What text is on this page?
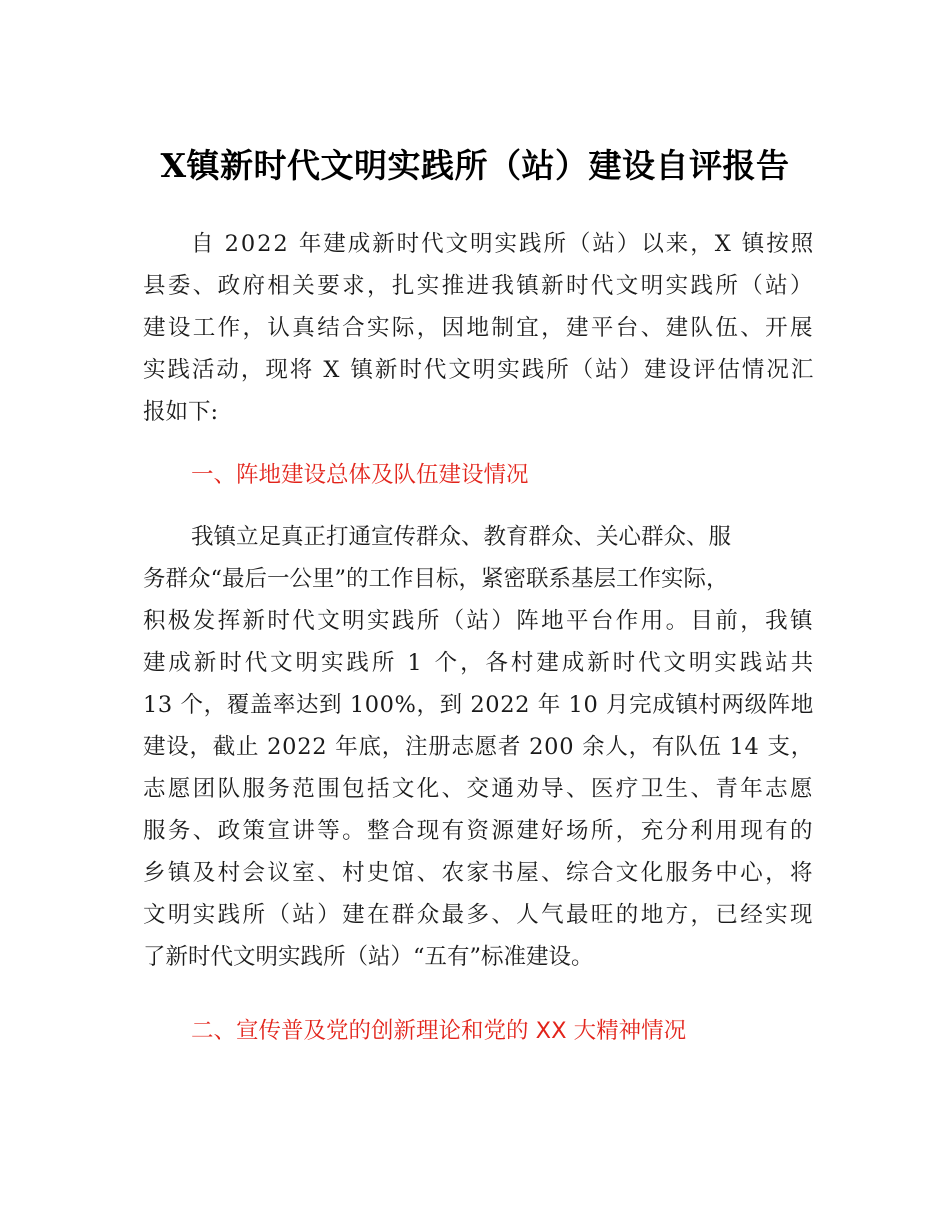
X镇新时代文明实践所（站）建设自评报告
自 2022 年建成新时代文明实践所（站）以来，X 镇按照
县委、政府相关要求，扎实推进我镇新时代文明实践所（站）
建设工作，认真结合实际，因地制宜，建平台、建队伍、开展
实践活动，现将 X 镇新时代文明实践所（站）建设评估情况汇
报如下:
一、阵地建设总体及队伍建设情况
我镇立足真正打通宣传群众、教育群众、关心群众、服
务群众“最后一公里”的工作目标，紧密联系基层工作实际，
积极发挥新时代文明实践所（站）阵地平台作用。目前，我镇
建成新时代文明实践所 1 个，各村建成新时代文明实践站共
13 个，覆盖率达到 100%，到 2022 年 10 月完成镇村两级阵地
建设，截止 2022 年底，注册志愿者 200 余人，有队伍 14 支，
志愿团队服务范围包括文化、交通劝导、医疗卫生、青年志愿
服务、政策宣讲等。整合现有资源建好场所，充分利用现有的
乡镇及村会议室、村史馆、农家书屋、综合文化服务中心，将
文明实践所（站）建在群众最多、人气最旺的地方，已经实现
了新时代文明实践所（站）“五有”标准建设。
二、宣传普及党的创新理论和党的 XX 大精神情况
